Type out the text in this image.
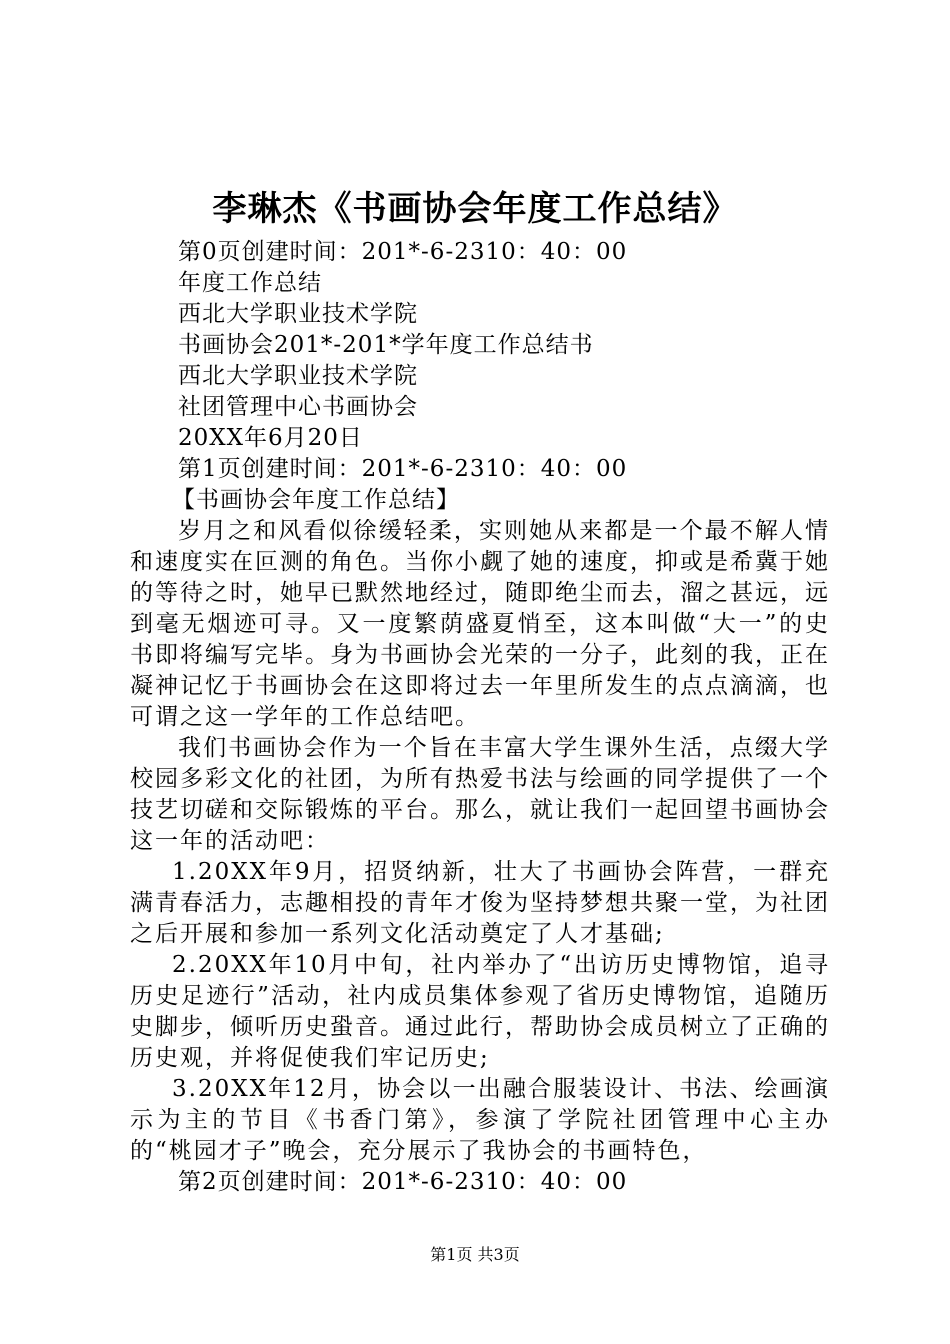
李琳杰《书画协会年度工作总结》

第0页创建时间：201*-6-2310：40：00

年度工作总结

西北大学职业技术学院

书画协会201*-201*学年度工作总结书

西北大学职业技术学院

社团管理中心书画协会

20XX年6月20日

第1页创建时间：201*-6-2310：40：00

【书画协会年度工作总结】

岁月之和风看似徐缓轻柔，实则她从来都是一个最不解人情和速度实在叵测的角色。当你小觑了她的速度，抑或是希冀于她的等待之时，她早已默然地经过，随即绝尘而去，溜之甚远，远到毫无烟迹可寻。又一度繁荫盛夏悄至，这本叫做“大一”的史书即将编写完毕。身为书画协会光荣的一分子，此刻的我，正在凝神记忆于书画协会在这即将过去一年里所发生的点点滴滴，也可谓之这一学年的工作总结吧。

我们书画协会作为一个旨在丰富大学生课外生活，点缀大学校园多彩文化的社团，为所有热爱书法与绘画的同学提供了一个技艺切磋和交际锻炼的平台。那么，就让我们一起回望书画协会这一年的活动吧：

1.20XX年9月，招贤纳新，壮大了书画协会阵营，一群充满青春活力，志趣相投的青年才俊为坚持梦想共聚一堂，为社团之后开展和参加一系列文化活动奠定了人才基础;

2.20XX年10月中旬，社内举办了“出访历史博物馆，追寻历史足迹行”活动，社内成员集体参观了省历史博物馆，追随历史脚步，倾听历史蛩音。通过此行，帮助协会成员树立了正确的历史观，并将促使我们牢记历史;

3.20XX年12月，协会以一出融合服装设计、书法、绘画演示为主的节目《书香门第》，参演了学院社团管理中心主办的“桃园才子”晚会，充分展示了我协会的书画特色，

第2页创建时间：201*-6-2310：40：00

第1页 共3页
